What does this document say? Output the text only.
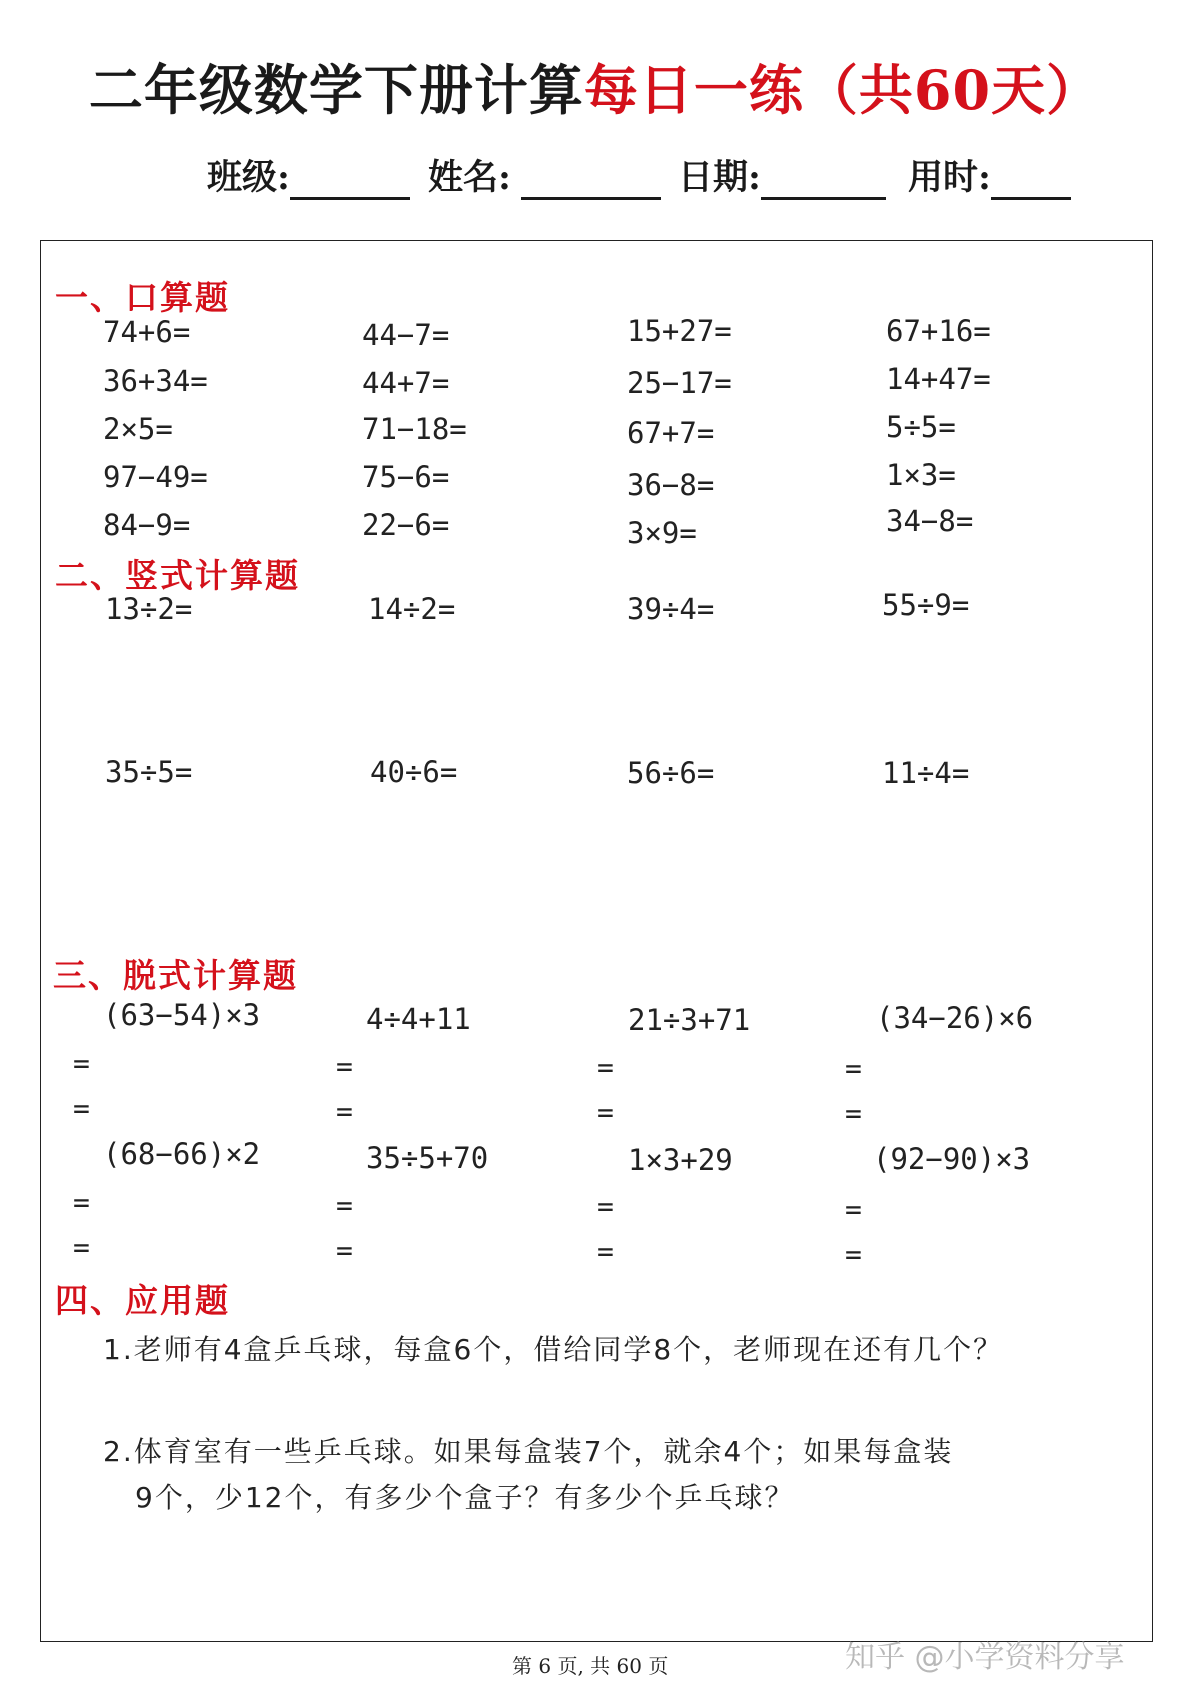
二年级数学下册计算每日一练（共60天）
班级:	姓名:	日期:	用时:
一、口算题
74+6=	44−7=	15+27=	67+16=
36+34=	44+7=	25−17=	14+47=
2×5=	71−18=	67+7=	5÷5=
97−49=	75−6=	36−8=	1×3=
84−9=	22−6=	3×9=	34−8=
二、竖式计算题
13÷2=	14÷2=	39÷4=	55÷9=
35÷5=	40÷6=	56÷6=	11÷4=
三、脱式计算题
(63−54)×3	4÷4+11	21÷3+71	(34−26)×6
=
=
=
=
=
=
=
=
(68−66)×2	35÷5+70	1×3+29	(92−90)×3
=
=
=
=
=
=
=
=
四、应用题
1.老师有4盒乒乓球，每盒6个，借给同学8个，老师现在还有几个？
2.体育室有一些乒乓球。如果每盒装7个，就余4个；如果每盒装
9个，少12个，有多少个盒子？有多少个乒乓球？
第 6 页, 共 60 页	知乎 @小学资料分享
